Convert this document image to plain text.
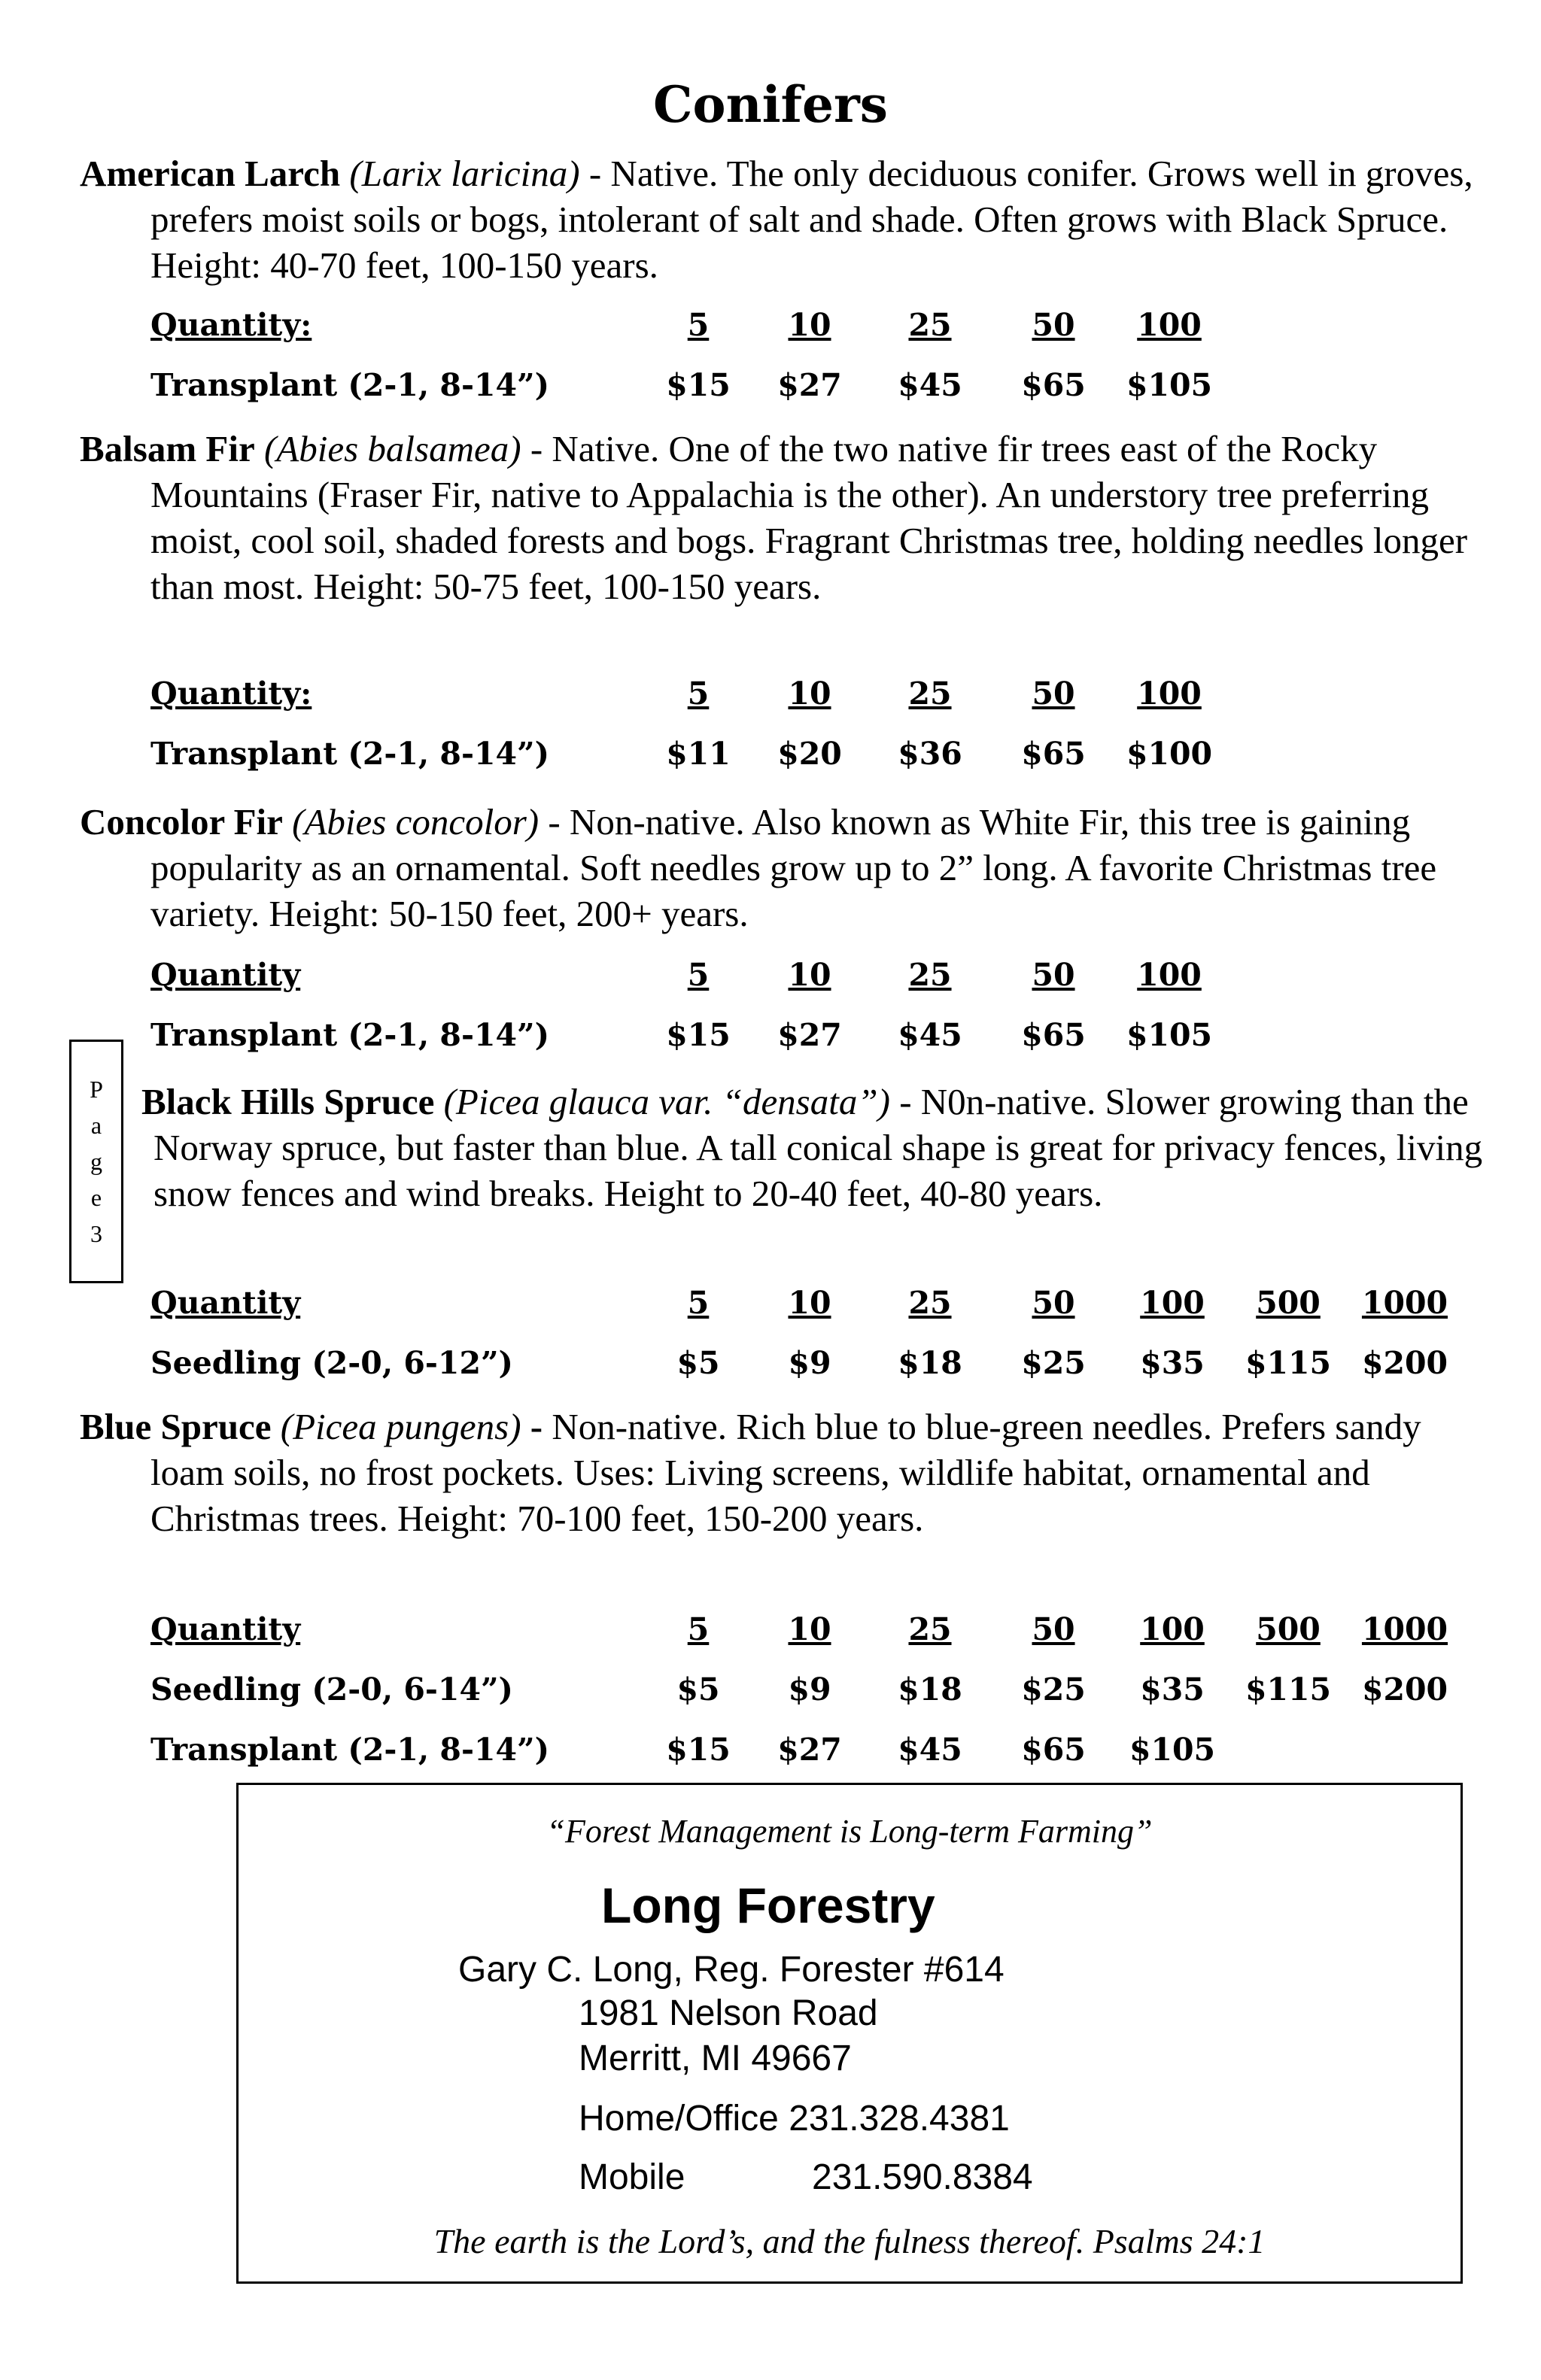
Conifers

American Larch (Larix laricina) - Native. The only deciduous conifer. Grows well in groves, prefers moist soils or bogs, intolerant of salt and shade. Often grows with Black Spruce. Height: 40-70 feet, 100-150 years.

Quantity:	5	10	25	50	100
Transplant (2-1, 8-14”)	$15	$27	$45	$65	$105

Balsam Fir (Abies balsamea) - Native. One of the two native fir trees east of the Rocky Mountains (Fraser Fir, native to Appalachia is the other). An understory tree preferring moist, cool soil, shaded forests and bogs. Fragrant Christmas tree, holding needles longer than most. Height: 50-75 feet, 100-150 years.

Quantity:	5	10	25	50	100
Transplant (2-1, 8-14”)	$11	$20	$36	$65	$100

Concolor Fir (Abies concolor) - Non-native. Also known as White Fir, this tree is gaining popularity as an ornamental. Soft needles grow up to 2” long. A favorite Christmas tree variety. Height: 50-150 feet, 200+ years.

Quantity	5	10	25	50	100
Transplant (2-1, 8-14”)	$15	$27	$45	$65	$105
P
a
g
e
3

Black Hills Spruce (Picea glauca var. “densata”) - N0n-native. Slower growing than the Norway spruce, but faster than blue. A tall conical shape is great for privacy fences, living snow fences and wind breaks. Height to 20-40 feet, 40-80 years.

Quantity	5	10	25	50	100	500	1000
Seedling (2-0, 6-12”)	$5	$9	$18	$25	$35	$115	$200

Blue Spruce (Picea pungens) - Non-native. Rich blue to blue-green needles. Prefers sandy loam soils, no frost pockets. Uses: Living screens, wildlife habitat, ornamental and Christmas trees. Height: 70-100 feet, 150-200 years.

Quantity	5	10	25	50	100	500	1000
Seedling (2-0, 6-14”)	$5	$9	$18	$25	$35	$115	$200
Transplant (2-1, 8-14”)	$15	$27	$45	$65	$105		
“Forest Management is Long-term Farming”
Long Forestry
Gary C. Long, Reg. Forester #614
1981 Nelson Road
Merritt, MI 49667
Home/Office 231.328.4381
Mobile	231.590.8384
The earth is the Lord’s, and the fulness thereof. Psalms 24:1
